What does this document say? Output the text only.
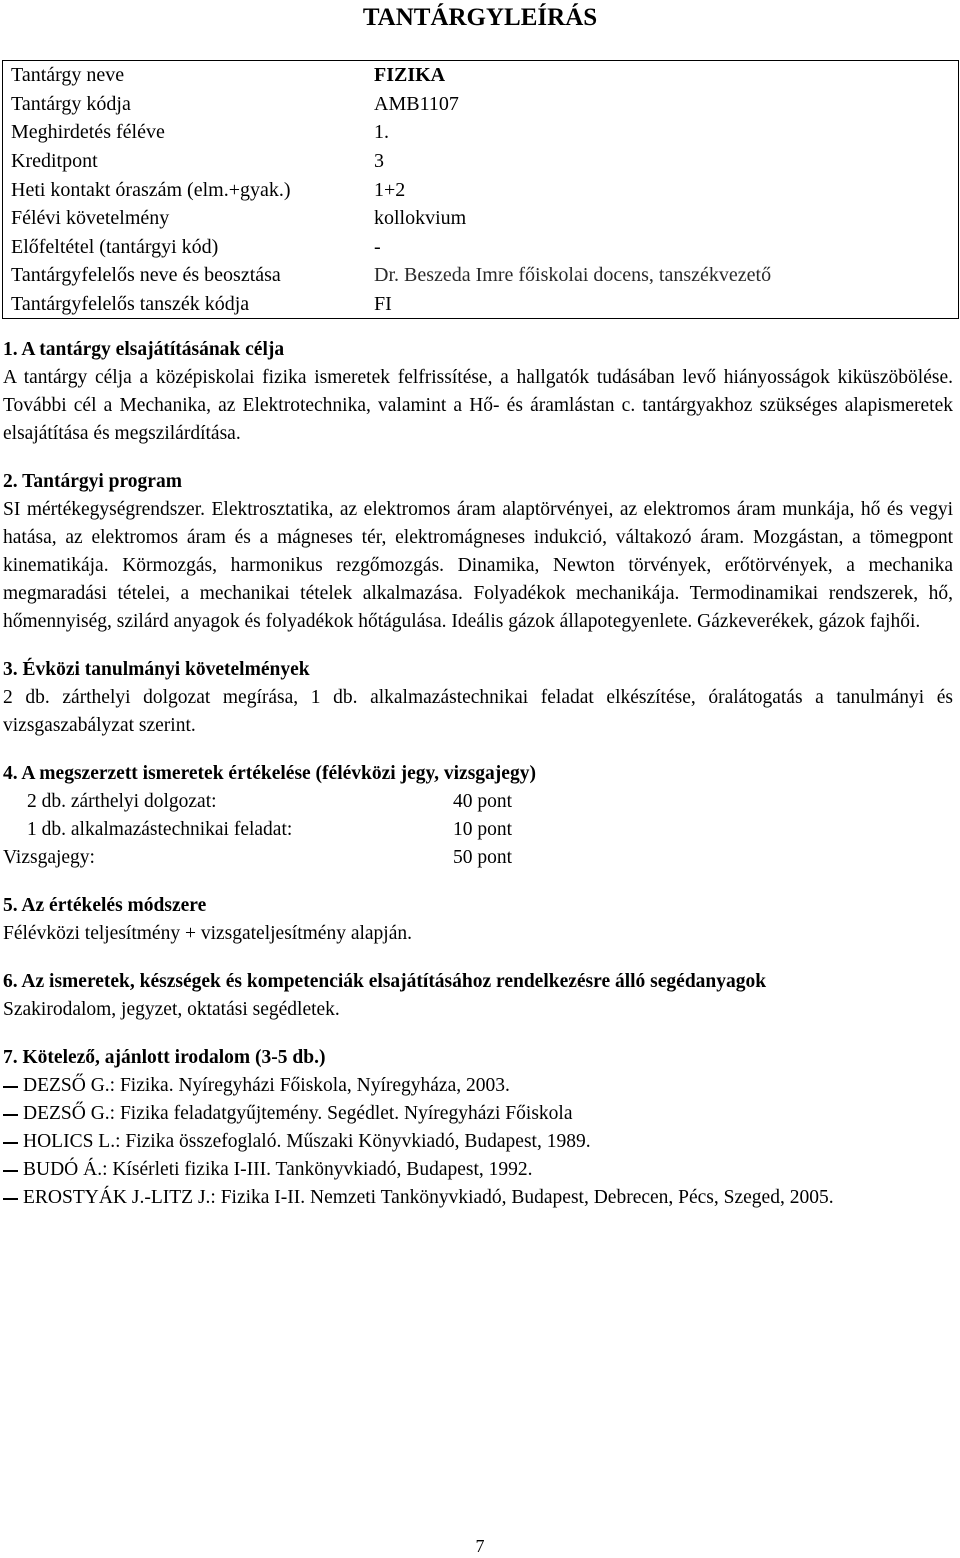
TANTÁRGYLEÍRÁS
Tantárgy neve	FIZIKA
Tantárgy kódja	AMB1107
Meghirdetés féléve	1.
Kreditpont	3
Heti kontakt óraszám (elm.+gyak.)	1+2
Félévi követelmény	kollokvium
Előfeltétel (tantárgyi kód)	-
Tantárgyfelelős neve és beosztása	Dr. Beszeda Imre főiskolai docens, tanszékvezető
Tantárgyfelelős tanszék kódja	FI

1. A tantárgy elsajátításának célja

A tantárgy célja a középiskolai fizika ismeretek felfrissítése, a hallgatók tudásában levő hiányosságok kiküszöbölése. További cél a Mechanika, az Elektrotechnika, valamint a Hő- és áramlástan c. tantárgyakhoz szükséges alapismeretek elsajátítása és megszilárdítása.

2. Tantárgyi program

SI mértékegységrendszer. Elektrosztatika, az elektromos áram alaptörvényei, az elektromos áram munkája, hő és vegyi hatása, az elektromos áram és a mágneses tér, elektromágneses indukció, váltakozó áram. Mozgástan, a tömegpont kinematikája. Körmozgás, harmonikus rezgőmozgás. Dinamika, Newton törvények, erőtörvények, a mechanika megmaradási tételei, a mechanikai tételek alkalmazása. Folyadékok mechanikája. Termodinamikai rendszerek, hő, hőmennyiség, szilárd anyagok és folyadékok hőtágulása. Ideális gázok állapotegyenlete. Gázkeverékek, gázok fajhői.

3. Évközi tanulmányi követelmények

2 db. zárthelyi dolgozat megírása, 1 db. alkalmazástechnikai feladat elkészítése, óralátogatás a tanulmányi és vizsgaszabályzat szerint.

4. A megszerzett ismeretek értékelése (félévközi jegy, vizsgajegy)

2 db. zárthelyi dolgozat:	40 pont
1 db. alkalmazástechnikai feladat:	10 pont
Vizsgajegy:	50 pont

5. Az értékelés módszere

Félévközi teljesítmény + vizsgateljesítmény alapján.

6. Az ismeretek, készségek és kompetenciák elsajátításához rendelkezésre álló segédanyagok

Szakirodalom, jegyzet, oktatási segédletek.

7. Kötelező, ajánlott irodalom (3-5 db.)

DEZSŐ G.: Fizika. Nyíregyházi Főiskola, Nyíregyháza, 2003.
DEZSŐ G.: Fizika feladatgyűjtemény. Segédlet. Nyíregyházi Főiskola
HOLICS L.: Fizika összefoglaló. Műszaki Könyvkiadó, Budapest, 1989.
BUDÓ Á.: Kísérleti fizika I-III. Tankönyvkiadó, Budapest, 1992.
EROSTYÁK J.-LITZ J.: Fizika I-II. Nemzeti Tankönyvkiadó, Budapest, Debrecen, Pécs, Szeged, 2005.
7
